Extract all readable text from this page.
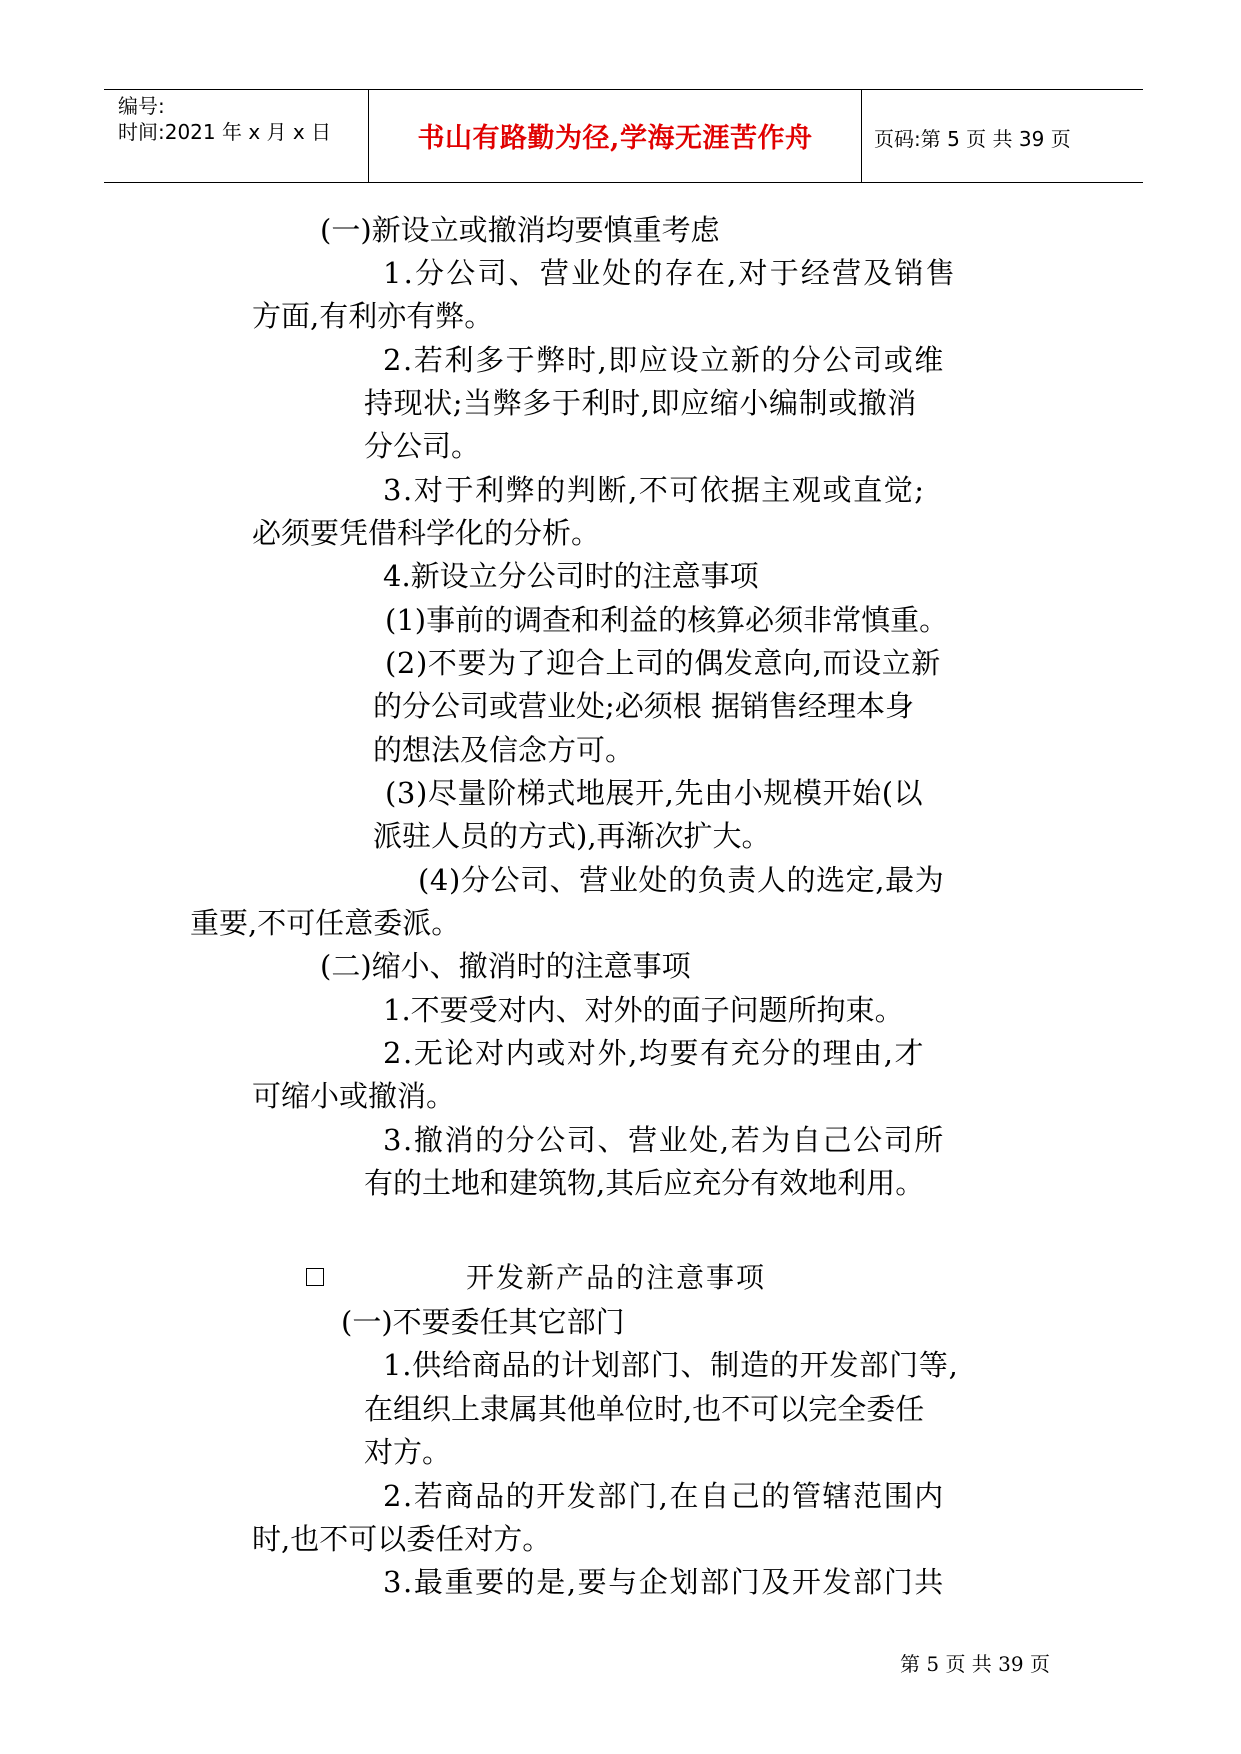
编号:
时间:2021 年 x 月 x 日	书山有路勤为径,学海无涯苦作舟	页码:第 5 页 共 39 页
(一)新设立或撤消均要慎重考虑
1.分公司、营业处的存在,对于经营及销售
方面,有利亦有弊。
2.若利多于弊时,即应设立新的分公司或维
持现状;当弊多于利时,即应缩小编制或撤消
分公司。
3.对于利弊的判断,不可依据主观或直觉;
必须要凭借科学化的分析。
4.新设立分公司时的注意事项
(1)事前的调查和利益的核算必须非常慎重。
(2)不要为了迎合上司的偶发意向,而设立新
的分公司或营业处;必须根 据销售经理本身
的想法及信念方可。
(3)尽量阶梯式地展开,先由小规模开始(以
派驻人员的方式),再渐次扩大。
(4)分公司、营业处的负责人的选定,最为
重要,不可任意委派。
(二)缩小、撤消时的注意事项
1.不要受对内、对外的面子问题所拘束。
2.无论对内或对外,均要有充分的理由,才
可缩小或撤消。
3.撤消的分公司、营业处,若为自己公司所
有的土地和建筑物,其后应充分有效地利用。
(一)不要委任其它部门
1.供给商品的计划部门、制造的开发部门等,
在组织上隶属其他单位时,也不可以完全委任
对方。
2.若商品的开发部门,在自己的管辖范围内
时,也不可以委任对方。
3.最重要的是,要与企划部门及开发部门共
开发新产品的注意事项
第 5 页 共 39 页
